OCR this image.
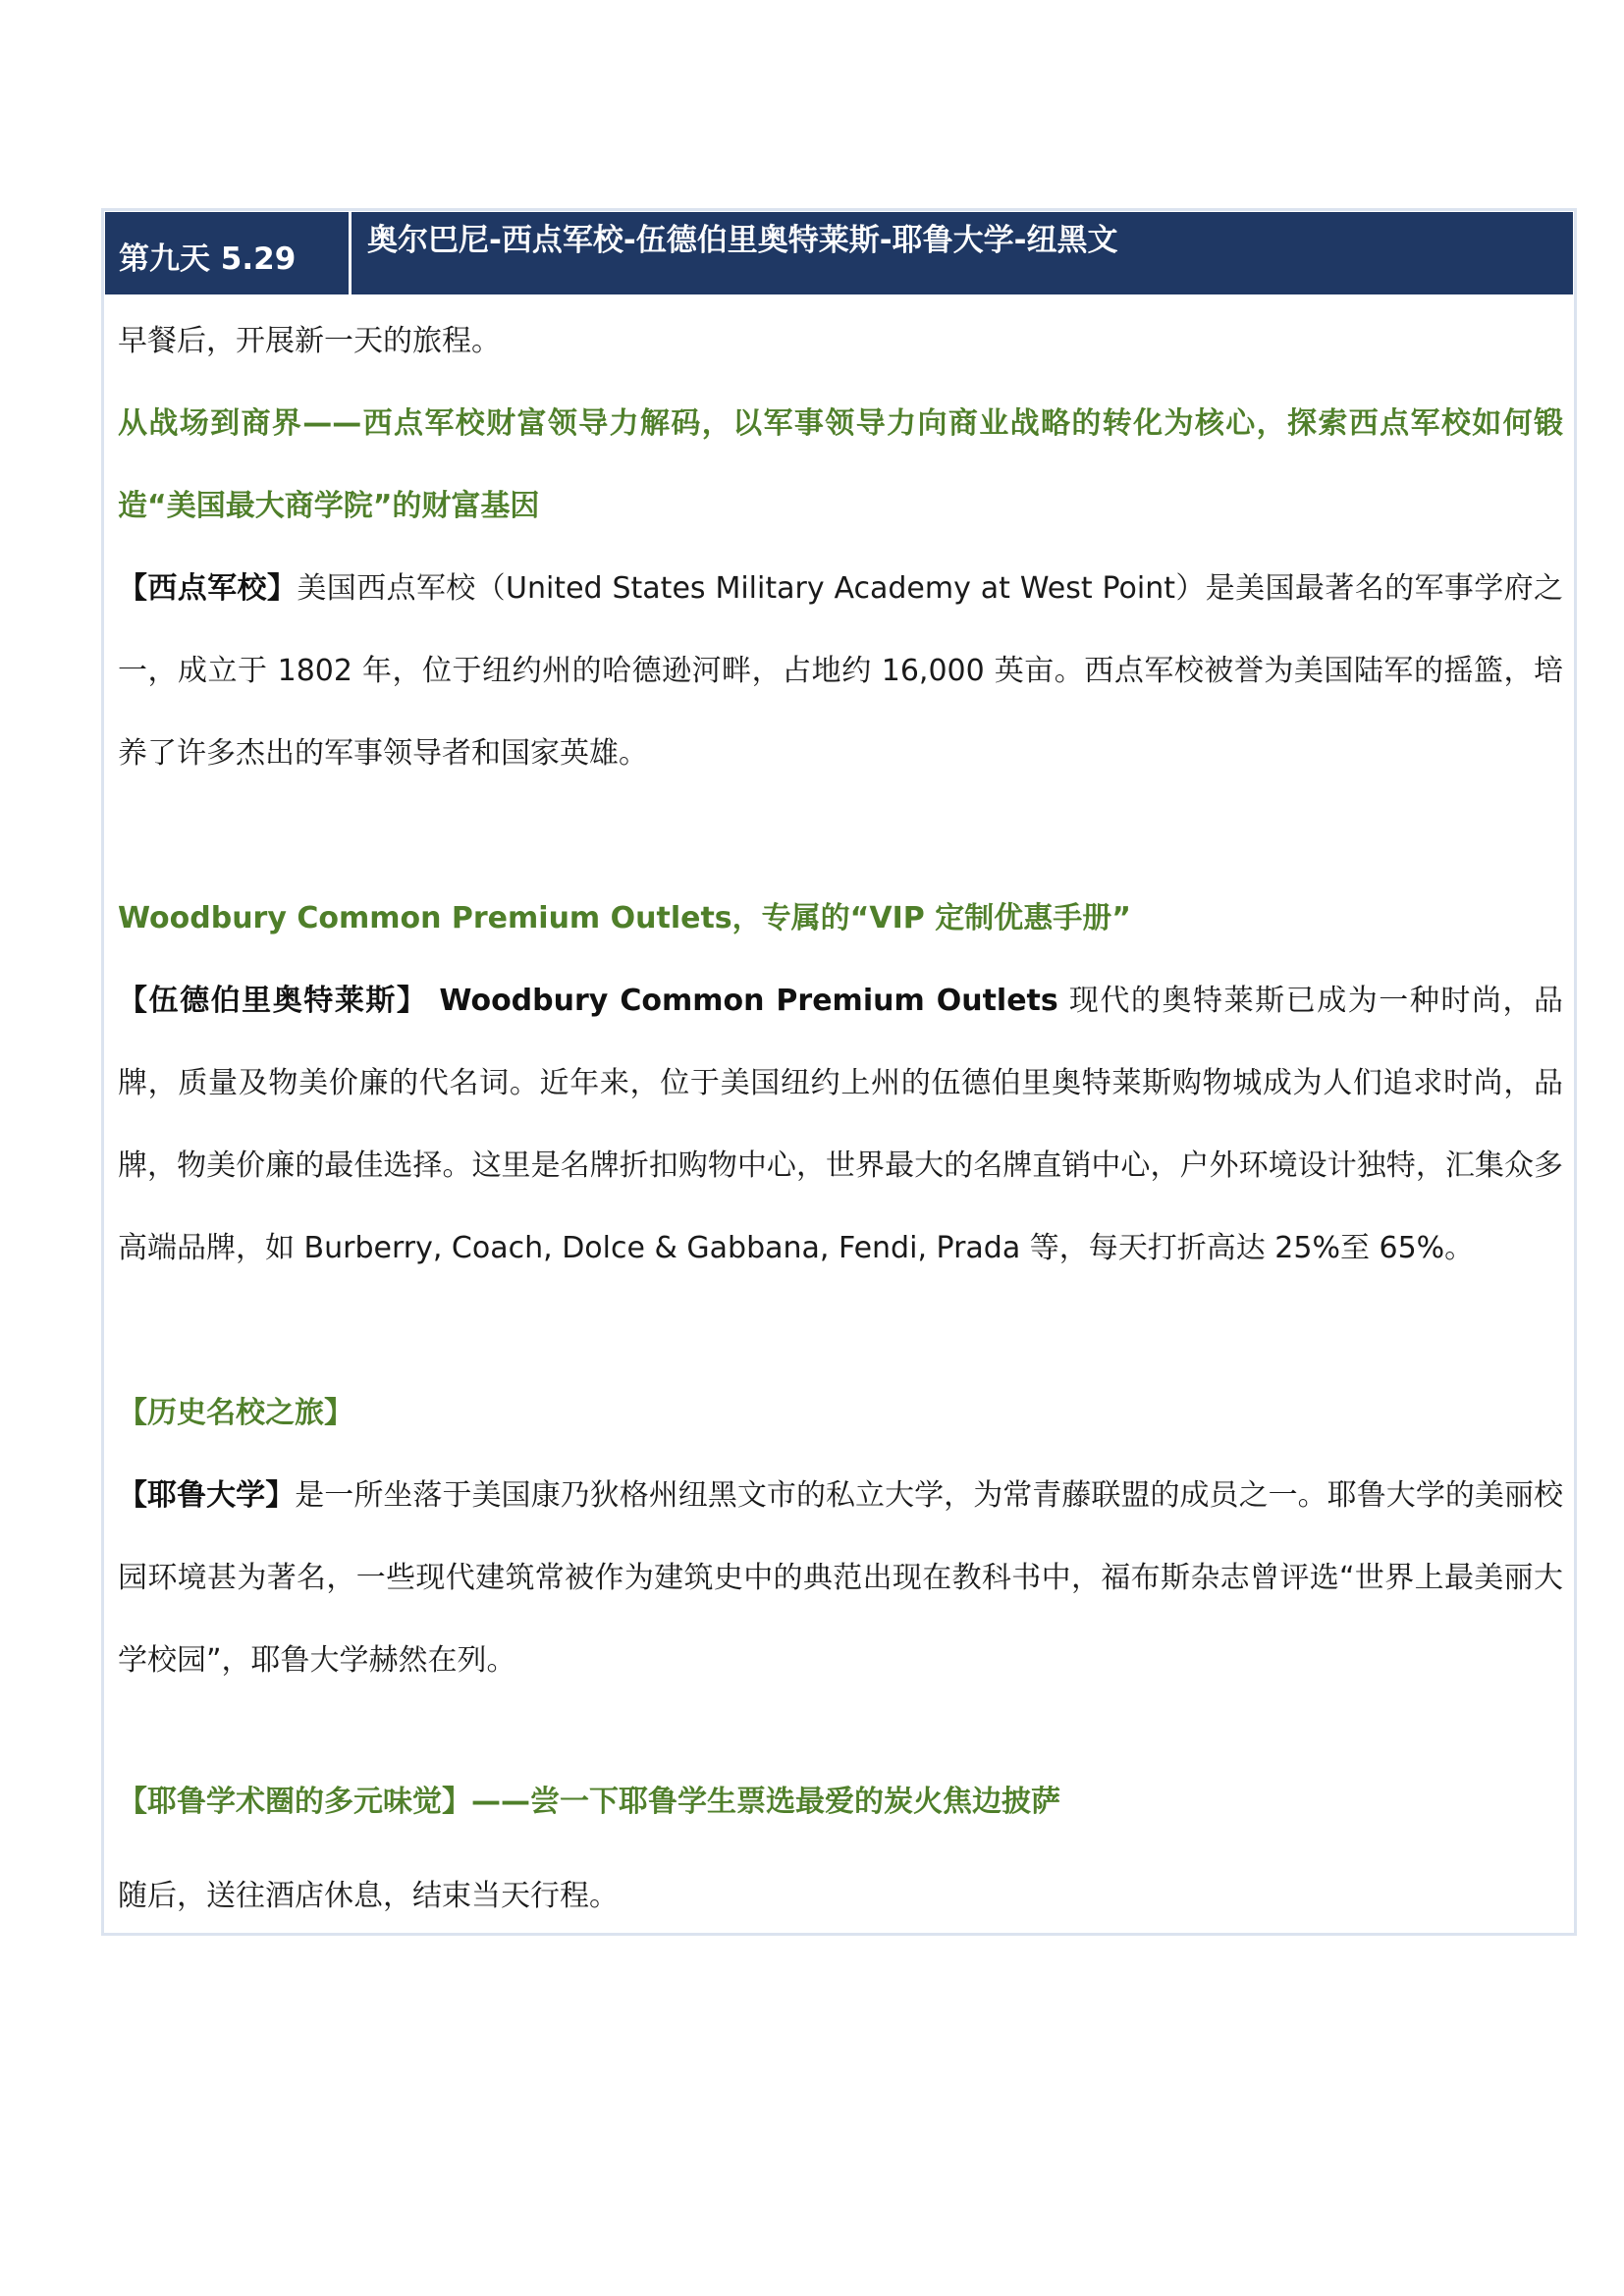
第九天 5.29
奥尔巴尼-西点军校-伍德伯里奥特莱斯-耶鲁大学-纽黑文
早餐后，开展新一天的旅程。
从战场到商界——西点军校财富领导力解码，以军事领导力向商业战略的转化为核心，探索西点军校如何锻造“美国最大商学院”的财富基因
【西点军校】美国西点军校（United States Military Academy at West Point）是美国最著名的军事学府之一，成立于 1802 年，位于纽约州的哈德逊河畔，占地约 16,000 英亩。西点军校被誉为美国陆军的摇篮，培养了许多杰出的军事领导者和国家英雄。
Woodbury Common Premium Outlets，专属的“VIP 定制优惠手册”
【伍德伯里奥特莱斯】 Woodbury Common Premium Outlets 现代的奥特莱斯已成为一种时尚，品牌，质量及物美价廉的代名词。近年来，位于美国纽约上州的伍德伯里奥特莱斯购物城成为人们追求时尚，品牌，物美价廉的最佳选择。这里是名牌折扣购物中心，世界最大的名牌直销中心，户外环境设计独特，汇集众多高端品牌，如 Burberry, Coach, Dolce & Gabbana, Fendi, Prada 等，每天打折高达 25%至 65%。
【历史名校之旅】
【耶鲁大学】是一所坐落于美国康乃狄格州纽黑文市的私立大学，为常青藤联盟的成员之一。耶鲁大学的美丽校园环境甚为著名，一些现代建筑常被作为建筑史中的典范出现在教科书中，福布斯杂志曾评选“世界上最美丽大学校园”，耶鲁大学赫然在列。
【耶鲁学术圈的多元味觉】——尝一下耶鲁学生票选最爱的炭火焦边披萨
随后，送往酒店休息，结束当天行程。
